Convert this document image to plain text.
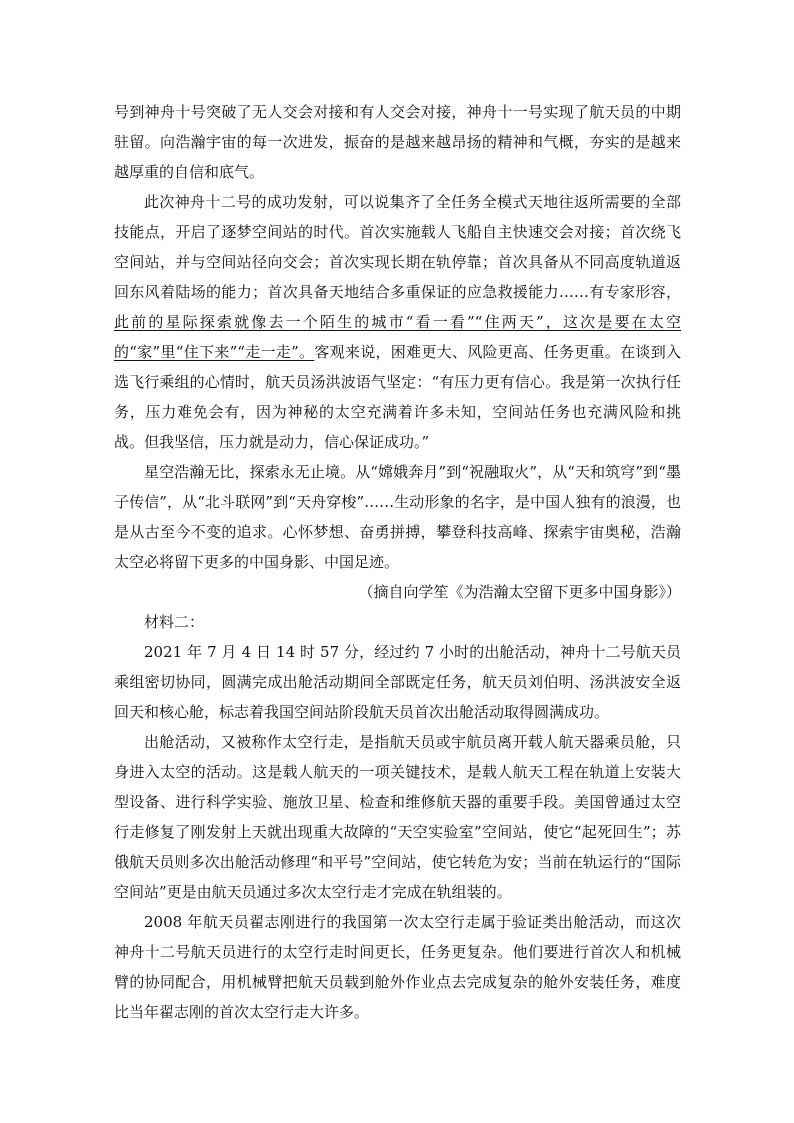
号到神舟十号突破了无人交会对接和有人交会对接，神舟十一号实现了航天员的中期驻留。向浩瀚宇宙的每一次进发，振奋的是越来越昂扬的精神和气概，夯实的是越来越厚重的自信和底气。

此次神舟十二号的成功发射，可以说集齐了全任务全模式天地往返所需要的全部技能点，开启了逐梦空间站的时代。首次实施载人飞船自主快速交会对接；首次绕飞空间站，并与空间站径向交会；首次实现长期在轨停靠；首次具备从不同高度轨道返回东风着陆场的能力；首次具备天地结合多重保证的应急救援能力……有专家形容，此前的星际探索就像去一个陌生的城市“看一看”“住两天”，这次是要在太空的“家”里“住下来”“走一走”。客观来说，困难更大、风险更高、任务更重。在谈到入选飞行乘组的心情时，航天员汤洪波语气坚定：“有压力更有信心。我是第一次执行任务，压力难免会有，因为神秘的太空充满着许多未知，空间站任务也充满风险和挑战。但我坚信，压力就是动力，信心保证成功。”

星空浩瀚无比，探索永无止境。从“嫦娥奔月”到“祝融取火”，从“天和筑穹”到“墨子传信”，从“北斗联网”到“天舟穿梭”……生动形象的名字，是中国人独有的浪漫，也是从古至今不变的追求。心怀梦想、奋勇拼搏，攀登科技高峰、探索宇宙奥秘，浩瀚太空必将留下更多的中国身影、中国足迹。

（摘自向学笙《为浩瀚太空留下更多中国身影》）

材料二：

2021 年 7 月 4 日 14 时 57 分，经过约 7 小时的出舱活动，神舟十二号航天员乘组密切协同，圆满完成出舱活动期间全部既定任务，航天员刘伯明、汤洪波安全返回天和核心舱，标志着我国空间站阶段航天员首次出舱活动取得圆满成功。

出舱活动，又被称作太空行走，是指航天员或宇航员离开载人航天器乘员舱，只身进入太空的活动。这是载人航天的一项关键技术，是载人航天工程在轨道上安装大型设备、进行科学实验、施放卫星、检查和维修航天器的重要手段。美国曾通过太空行走修复了刚发射上天就出现重大故障的“天空实验室”空间站，使它“起死回生”；苏俄航天员则多次出舱活动修理“和平号”空间站，使它转危为安；当前在轨运行的“国际空间站”更是由航天员通过多次太空行走才完成在轨组装的。

2008 年航天员翟志刚进行的我国第一次太空行走属于验证类出舱活动，而这次神舟十二号航天员进行的太空行走时间更长，任务更复杂。他们要进行首次人和机械臂的协同配合，用机械臂把航天员载到舱外作业点去完成复杂的舱外安装任务，难度比当年翟志刚的首次太空行走大许多。
